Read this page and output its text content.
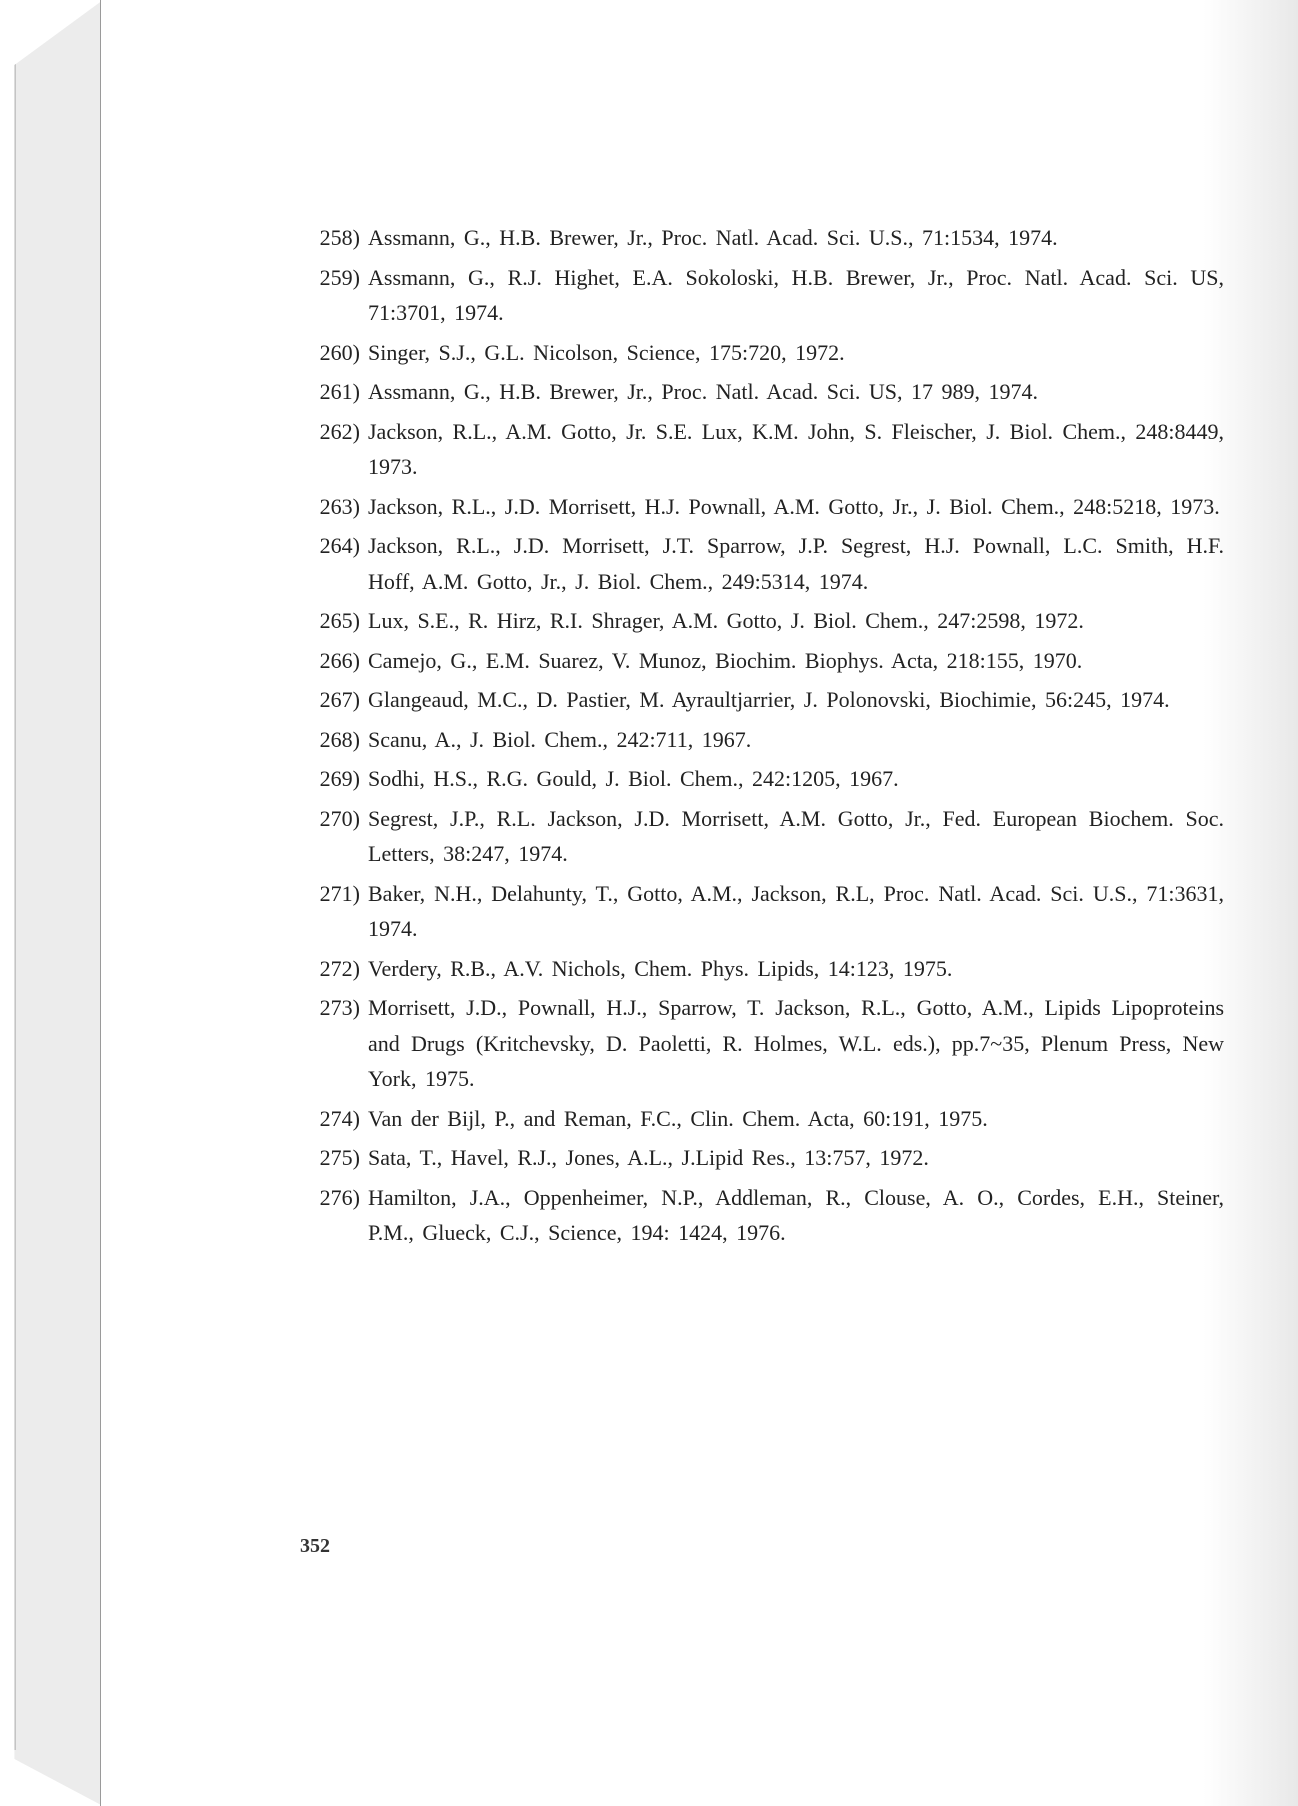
258) Assmann, G., H.B. Brewer, Jr., Proc. Natl. Acad. Sci. U.S., 71:1534, 1974.
259) Assmann, G., R.J. Highet, E.A. Sokoloski, H.B. Brewer, Jr., Proc. Natl. Acad. Sci. US, 71:3701, 1974.
260) Singer, S.J., G.L. Nicolson, Science, 175:720, 1972.
261) Assmann, G., H.B. Brewer, Jr., Proc. Natl. Acad. Sci. US, 17 989, 1974.
262) Jackson, R.L., A.M. Gotto, Jr. S.E. Lux, K.M. John, S. Fleischer, J. Biol. Chem., 248:8449, 1973.
263) Jackson, R.L., J.D. Morrisett, H.J. Pownall, A.M. Gotto, Jr., J. Biol. Chem., 248:5218, 1973.
264) Jackson, R.L., J.D. Morrisett, J.T. Sparrow, J.P. Segrest, H.J. Pownall, L.C. Smith, H.F. Hoff, A.M. Gotto, Jr., J. Biol. Chem., 249:5314, 1974.
265) Lux, S.E., R. Hirz, R.I. Shrager, A.M. Gotto, J. Biol. Chem., 247:2598, 1972.
266) Camejo, G., E.M. Suarez, V. Munoz, Biochim. Biophys. Acta, 218:155, 1970.
267) Glangeaud, M.C., D. Pastier, M. Ayraultjarrier, J. Polonovski, Biochimie, 56:245, 1974.
268) Scanu, A., J. Biol. Chem., 242:711, 1967.
269) Sodhi, H.S., R.G. Gould, J. Biol. Chem., 242:1205, 1967.
270) Segrest, J.P., R.L. Jackson, J.D. Morrisett, A.M. Gotto, Jr., Fed. European Biochem. Soc. Letters, 38:247, 1974.
271) Baker, N.H., Delahunty, T., Gotto, A.M., Jackson, R.L, Proc. Natl. Acad. Sci. U.S., 71:3631, 1974.
272) Verdery, R.B., A.V. Nichols, Chem. Phys. Lipids, 14:123, 1975.
273) Morrisett, J.D., Pownall, H.J., Sparrow, T. Jackson, R.L., Gotto, A.M., Lipids Lipoproteins and Drugs (Kritchevsky, D. Paoletti, R. Holmes, W.L. eds.), pp.7~35, Plenum Press, New York, 1975.
274) Van der Bijl, P., and Reman, F.C., Clin. Chem. Acta, 60:191, 1975.
275) Sata, T., Havel, R.J., Jones, A.L., J.Lipid Res., 13:757, 1972.
276) Hamilton, J.A., Oppenheimer, N.P., Addleman, R., Clouse, A. O., Cordes, E.H., Steiner, P.M., Glueck, C.J., Science, 194: 1424, 1976.
352
